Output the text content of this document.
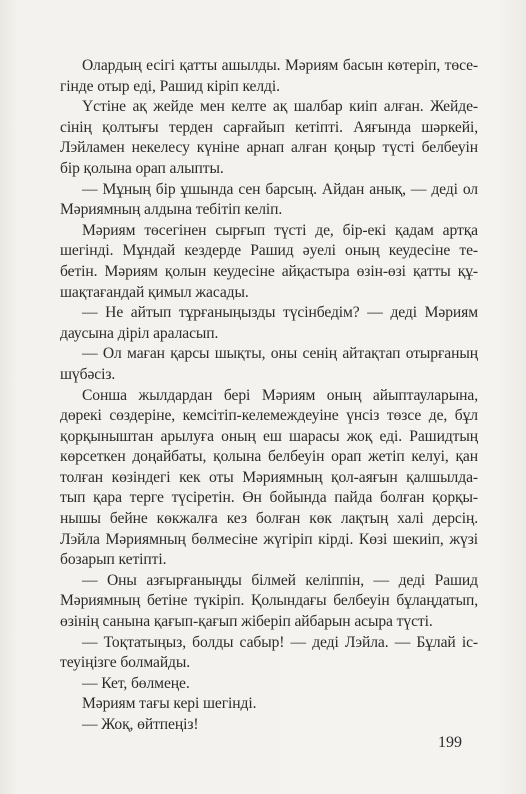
Олардың есігі қатты ашылды. Мәриям басын көтеріп, төсе-
гінде отыр еді, Рашид кіріп келді.
Үстіне ақ жейде мен келте ақ шалбар киіп алған. Жейде-
сінің қолтығы терден сарғайып кетіпті. Аяғында шәркейі,
Лэйламен некелесу күніне арнап алған қоңыр түсті белбеуін
бір қолына орап алыпты.
— Мұның бір ұшында сен барсың. Айдан анық, — деді ол
Мәриямның алдына тебітіп келіп.
Мәриям төсегінен сырғып түсті де, бір-екі қадам артқа
шегінді. Мұндай кездерде Рашид әуелі оның кеудесіне те-
бетін. Мәриям қолын кеудесіне айқастыра өзін-өзі қатты құ-
шақтағандай қимыл жасады.
— Не айтып тұрғаныңызды түсінбедім? — деді Мәриям
даусына діріл араласып.
— Ол маған қарсы шықты, оны сенің айтақтап отырғаның
шүбәсіз.
Сонша жылдардан бері Мәриям оның айыптауларына,
дөрекі сөздеріне, кемсітіп-келемеждеуіне үнсіз төзсе де, бұл
қорқыныштан арылуға оның еш шарасы жоқ еді. Рашидтың
көрсеткен доңайбаты, қолына белбеуін орап жетіп келуі, қан
толған көзіндегі кек оты Мәриямның қол-аяғын қалшылда-
тып қара терге түсіретін. Өн бойында пайда болған қорқы-
нышы бейне көкжалға кез болған көк лақтың халі дерсің.
Лэйла Мәриямның бөлмесіне жүгіріп кірді. Көзі шекиіп, жүзі
бозарып кетіпті.
— Оны азғырғаныңды білмей келіппін, — деді Рашид
Мәриямның бетіне түкіріп. Қолындағы белбеуін бұлаңдатып,
өзінің санына қағып-қағып жіберіп айбарын асыра түсті.
— Тоқтатыңыз, болды сабыр! — деді Лэйла. — Бұлай іс-
теуіңізге болмайды.
— Кет, бөлмеңе.
Мәриям тағы кері шегінді.
— Жоқ, өйтпеңіз!
199
